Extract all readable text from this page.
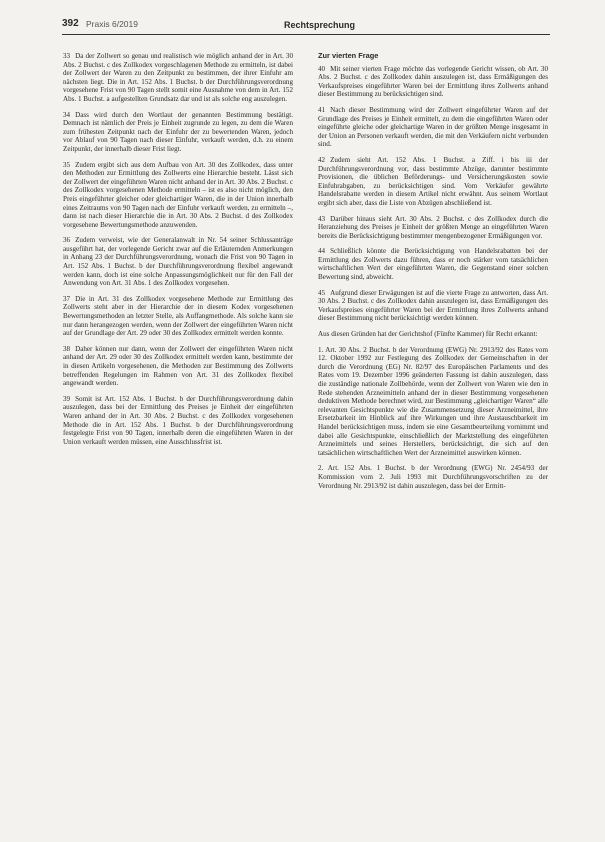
392 Praxis 6/2019	Rechtsprechung

33 Da der Zollwert so genau und realistisch wie möglich anhand der in Art. 30 Abs. 2 Buchst. c des Zollkodex vorgeschlagenen Methode zu ermitteln, ist dabei der Zollwert der Waren zu den Zeitpunkt zu bestimmen, der ihrer Einfuhr am nächsten liegt. Die in Art. 152 Abs. 1 Buchst. b der Durchführungsverordnung vorgesehene Frist von 90 Tagen stellt somit eine Ausnahme von dem in Art. 152 Abs. 1 Buchst. a aufgestellten Grundsatz dar und ist als solche eng auszulegen.

34 Dass wird durch den Wortlaut der genannten Bestimmung bestätigt. Demnach ist nämlich der Preis je Einheit zugrunde zu legen, zu dem die Waren zum frühesten Zeitpunkt nach der Einfuhr der zu bewertenden Waren, jedoch vor Ablauf von 90 Tagen nach dieser Einfuhr, verkauft werden, d.h. zu einem Zeitpunkt, der innerhalb dieser Frist liegt.

35 Zudem ergibt sich aus dem Aufbau von Art. 30 des Zollkodex, dass unter den Methoden zur Ermittlung des Zollwerts eine Hierarchie besteht. Lässt sich der Zollwert der eingeführten Waren nicht anhand der in Art. 30 Abs. 2 Buchst. c des Zollkodex vorgesehenen Methode ermitteln – ist es also nicht möglich, den Preis eingeführter gleicher oder gleichartiger Waren, die in der Union innerhalb eines Zeitraums von 90 Tagen nach der Einfuhr verkauft werden, zu ermitteln –, dann ist nach dieser Hierarchie die in Art. 30 Abs. 2 Buchst. d des Zollkodex vorgesehene Bewertungsmethode anzuwenden.

36 Zudem verweist, wie der Generalanwalt in Nr. 54 seiner Schlussanträge ausgeführt hat, der vorlegende Gericht zwar auf die Erläuternden Anmerkungen in Anhang 23 der Durchführungsverordnung, wonach die Frist von 90 Tagen in Art. 152 Abs. 1 Buchst. b der Durchführungsverordnung flexibel angewandt werden kann, doch ist eine solche Anpassungsmöglichkeit nur für den Fall der Anwendung von Art. 31 Abs. 1 des Zollkodex vorgesehen.

37 Die in Art. 31 des Zollkodex vorgesehene Methode zur Ermittlung des Zollwerts steht aber in der Hierarchie der in diesem Kodex vorgesehenen Bewertungsmethoden an letzter Stelle, als Auffangmethode. Als solche kann sie nur dann herangezogen werden, wenn der Zollwert der eingeführten Waren nicht auf der Grundlage der Art. 29 oder 30 des Zollkodex ermittelt werden konnte.

38 Daher können nur dann, wenn der Zollwert der eingeführten Waren nicht anhand der Art. 29 oder 30 des Zollkodex ermittelt werden kann, bestimmte der in diesen Artikeln vorgesehenen, die Methoden zur Bestimmung des Zollwerts betreffenden Regelungen im Rahmen von Art. 31 des Zollkodex flexibel angewandt werden.

39 Somit ist Art. 152 Abs. 1 Buchst. b der Durchführungsverordnung dahin auszulegen, dass bei der Ermittlung des Preises je Einheit der eingeführten Waren anhand der in Art. 30 Abs. 2 Buchst. c des Zollkodex vorgesehenen Methode die in Art. 152 Abs. 1 Buchst. b der Durchführungsverordnung festgelegte Frist von 90 Tagen, innerhalb deren die eingeführten Waren in der Union verkauft werden müssen, eine Ausschlussfrist ist.

Zur vierten Frage

40 Mit seiner vierten Frage möchte das vorlegende Gericht wissen, ob Art. 30 Abs. 2 Buchst. c des Zollkodex dahin auszulegen ist, dass Ermäßigungen des Verkaufspreises eingeführter Waren bei der Ermittlung ihres Zollwerts anhand dieser Bestimmung zu berücksichtigen sind.

41 Nach dieser Bestimmung wird der Zollwert eingeführter Waren auf der Grundlage des Preises je Einheit ermittelt, zu dem die eingeführten Waren oder eingeführte gleiche oder gleichartige Waren in der größten Menge insgesamt in der Union an Personen verkauft werden, die mit den Verkäufern nicht verbunden sind.

42 Zudem sieht Art. 152 Abs. 1 Buchst. a Ziff. i bis iii der Durchführungsverordnung vor, dass bestimmte Abzüge, darunter bestimmte Provisionen, die üblichen Beförderungs- und Versicherungskosten sowie Einfuhrabgaben, zu berücksichtigen sind. Vom Verkäufer gewährte Handelsrabatte werden in diesem Artikel nicht erwähnt. Aus seinem Wortlaut ergibt sich aber, dass die Liste von Abzügen abschließend ist.

43 Darüber hinaus sieht Art. 30 Abs. 2 Buchst. c des Zollkodex durch die Heranziehung des Preises je Einheit der größten Menge an eingeführten Waren bereits die Berücksichtigung bestimmter mengenbezogener Ermäßigungen vor.

44 Schließlich könnte die Berücksichtigung von Handelsrabatten bei der Ermittlung des Zollwerts dazu führen, dass er noch stärker vom tatsächlichen wirtschaftlichen Wert der eingeführten Waren, die Gegenstand einer solchen Bewertung sind, abweicht.

45 Aufgrund dieser Erwägungen ist auf die vierte Frage zu antworten, dass Art. 30 Abs. 2 Buchst. c des Zollkodex dahin auszulegen ist, dass Ermäßigungen des Verkaufspreises eingeführter Waren bei der Ermittlung ihres Zollwerts anhand dieser Bestimmung nicht berücksichtigt werden können.

Aus diesen Gründen hat der Gerichtshof (Fünfte Kammer) für Recht erkannt:

1. Art. 30 Abs. 2 Buchst. b der Verordnung (EWG) Nr. 2913/92 des Rates vom 12. Oktober 1992 zur Festlegung des Zollkodex der Gemeinschaften in der durch die Verordnung (EG) Nr. 82/97 des Europäischen Parlaments und des Rates vom 19. Dezember 1996 geänderten Fassung ist dahin auszulegen, dass die zuständige nationale Zollbehörde, wenn der Zollwert von Waren wie den in Rede stehenden Arzneimitteln anhand der in dieser Bestimmung vorgesehenen deduktiven Methode berechnet wird, zur Bestimmung „gleichartiger Waren“ alle relevanten Gesichtspunkte wie die Zusammensetzung dieser Arzneimittel, ihre Ersetzbarkeit im Hinblick auf ihre Wirkungen und ihre Austauschbarkeit im Handel berücksichtigen muss, indem sie eine Gesamtbeurteilung vornimmt und dabei alle Gesichtspunkte, einschließlich der Marktstellung des eingeführten Arzneimittels und seines Herstellers, berücksichtigt, die sich auf den tatsächlichen wirtschaftlichen Wert der Arzneimittel auswirken können.

2. Art. 152 Abs. 1 Buchst. b der Verordnung (EWG) Nr. 2454/93 der Kommission vom 2. Juli 1993 mit Durchführungsvorschriften zu der Verordnung Nr. 2913/92 ist dahin auszulegen, dass bei der Ermitt-
